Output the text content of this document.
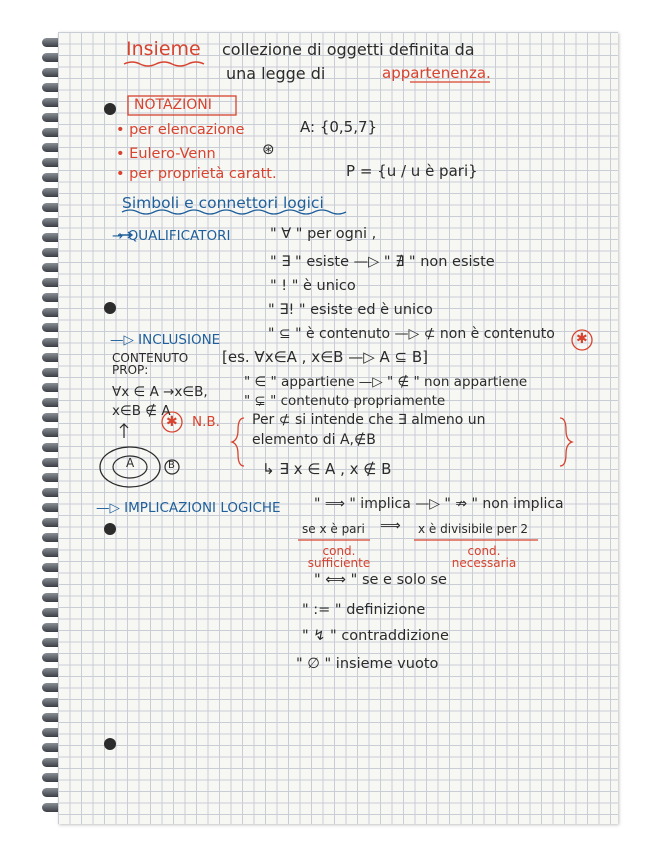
Insieme collezione di oggetti definita da
una legge di	appartenenza.
NOTAZIONI
• per elencazione
• Eulero-Venn
• per proprietà caratt.
A: {0,5,7}
P = {u / u è pari}
⊛
Simboli e connettori logici
→ QUALIFICATORI	" ∀ " per ogni ,
" ∃ " esiste —▷ " ∄ " non esiste
" ! " è unico
" ∃! " esiste ed è unico
—▷ INCLUSIONE	" ⊆ " è contenuto —▷ ⊄ non è contenuto ✱
CONTENUTO PROP:
[es. ∀x∈A , x∈B —▷ A ⊆ B]
∀x ∈ A →x∈B,
x∈B ∉ A
" ∈ " appartiene —▷ " ∉ " non appartiene
" ⊊ " contenuto propriamente
✱ N.B. Per ⊄ si intende che ∃ almeno un
elemento di A,∉B
↳ ∃ x ∈ A , x ∉ B
A	B
—▷ IMPLICAZIONI LOGICHE " ⟹ " implica —▷ " ⇏ " non implica
se x è pari ⟹ x è divisibile per 2
cond. sufficiente
cond. necessaria
" ⟺ " se e solo se
" := " definizione
" ↯ " contraddizione
" ∅ " insieme vuoto
